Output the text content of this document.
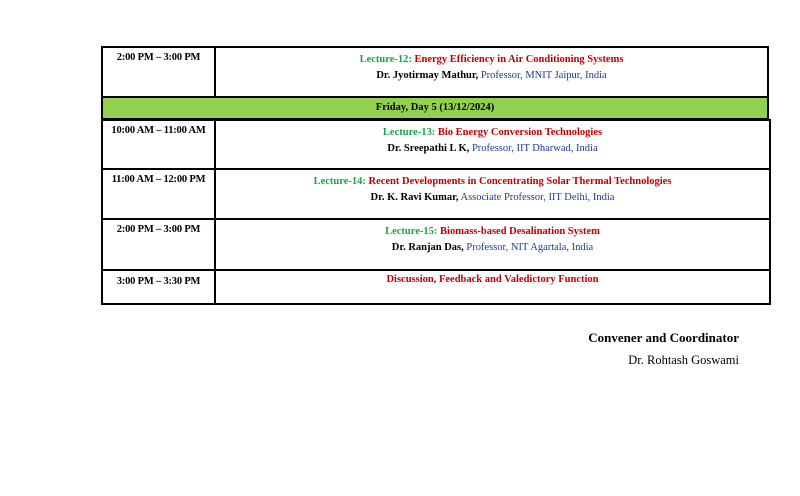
2:00 PM – 3:00 PM	Lecture-12: Energy Efficiency in Air Conditioning Systems
Dr. Jyotirmay Mathur, Professor, MNIT Jaipur, India
Friday, Day 5 (13/12/2024)
10:00 AM – 11:00 AM	Lecture-13: Bio Energy Conversion Technologies
Dr. Sreepathi L K, Professor, IIT Dharwad, India
11:00 AM – 12:00 PM	Lecture-14: Recent Developments in Concentrating Solar Thermal Technologies
Dr. K. Ravi Kumar, Associate Professor, IIT Delhi, India
2:00 PM – 3:00 PM	Lecture-15: Biomass-based Desalination System
Dr. Ranjan Das, Professor, NIT Agartala, India
3:00 PM – 3:30 PM	Discussion, Feedback and Valedictory Function
Convener and Coordinator
Dr. Rohtash Goswami
